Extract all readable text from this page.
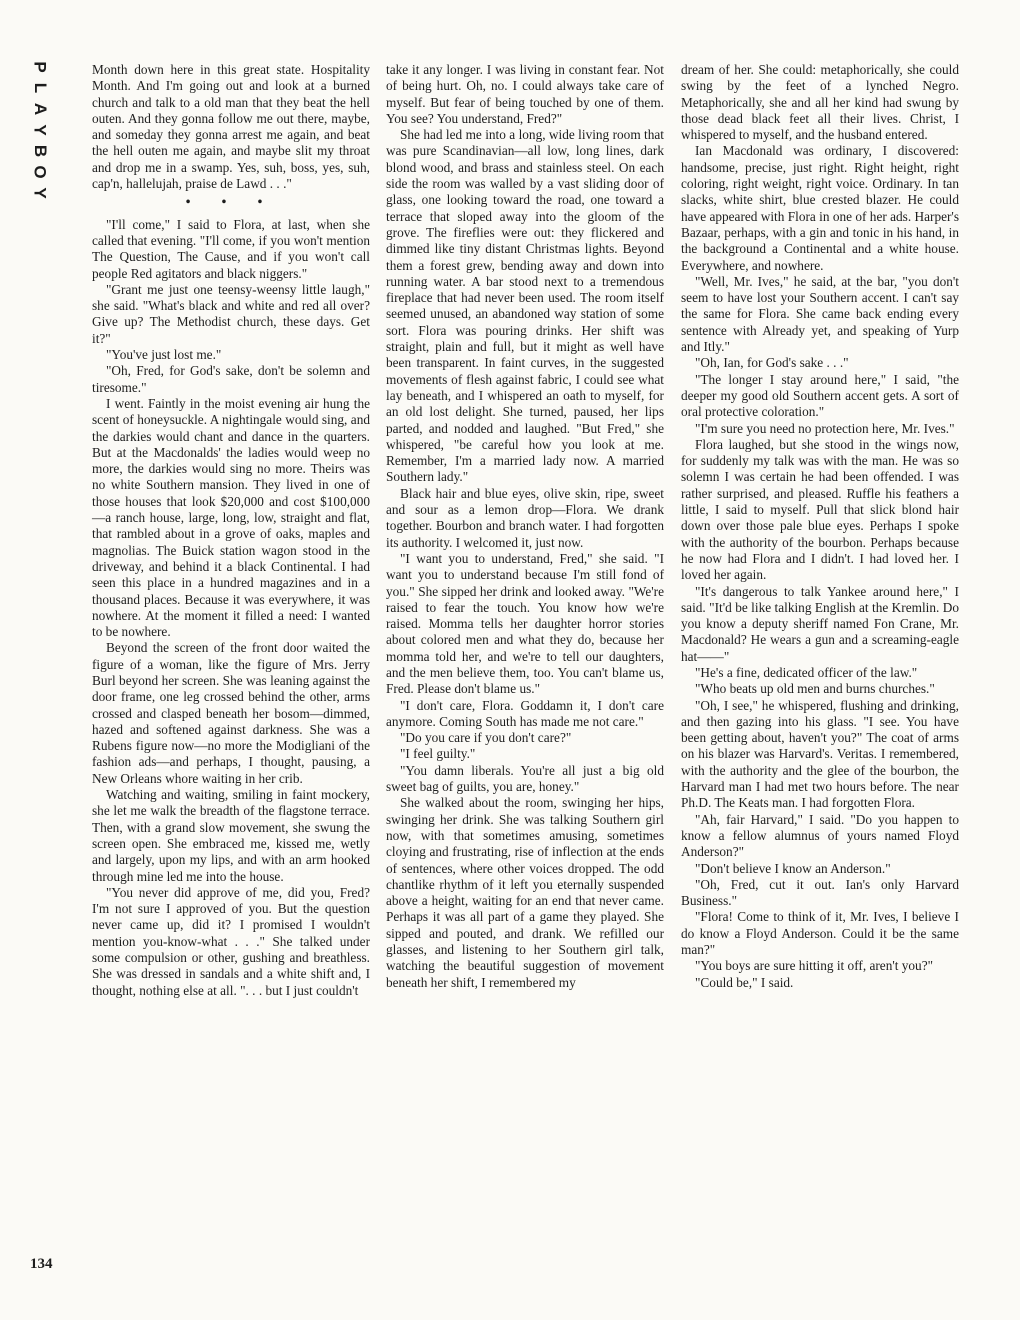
P
L
A
Y
B
O
Y
134

Month down here in this great state. Hospitality Month. And I'm going out and look at a burned church and talk to a old man that they beat the hell outen. And they gonna follow me out there, maybe, and someday they gonna arrest me again, and beat the hell outen me again, and maybe slit my throat and drop me in a swamp. Yes, suh, boss, yes, suh, cap'n, hallelujah, praise de Lawd . . ."

• • •

"I'll come," I said to Flora, at last, when she called that evening. "I'll come, if you won't mention The Question, The Cause, and if you won't call people Red agitators and black niggers."

"Grant me just one teensy-weensy little laugh," she said. "What's black and white and red all over? Give up? The Methodist church, these days. Get it?"

"You've just lost me."

"Oh, Fred, for God's sake, don't be solemn and tiresome."

I went. Faintly in the moist evening air hung the scent of honeysuckle. A nightingale would sing, and the darkies would chant and dance in the quarters. But at the Macdonalds' the ladies would weep no more, the darkies would sing no more. Theirs was no white Southern mansion. They lived in one of those houses that look $20,000 and cost $100,000—a ranch house, large, long, low, straight and flat, that rambled about in a grove of oaks, maples and magnolias. The Buick station wagon stood in the driveway, and behind it a black Continental. I had seen this place in a hundred magazines and in a thousand places. Because it was everywhere, it was nowhere. At the moment it filled a need: I wanted to be nowhere.

Beyond the screen of the front door waited the figure of a woman, like the figure of Mrs. Jerry Burl beyond her screen. She was leaning against the door frame, one leg crossed behind the other, arms crossed and clasped beneath her bosom—dimmed, hazed and softened against darkness. She was a Rubens figure now—no more the Modigliani of the fashion ads—and perhaps, I thought, pausing, a New Orleans whore waiting in her crib.

Watching and waiting, smiling in faint mockery, she let me walk the breadth of the flagstone terrace. Then, with a grand slow movement, she swung the screen open. She embraced me, kissed me, wetly and largely, upon my lips, and with an arm hooked through mine led me into the house.

"You never did approve of me, did you, Fred? I'm not sure I approved of you. But the question never came up, did it? I promised I wouldn't mention you-know-what . . ." She talked under some compulsion or other, gushing and breathless. She was dressed in sandals and a white shift and, I thought, nothing else at all. ". . . but I just couldn't

take it any longer. I was living in constant fear. Not of being hurt. Oh, no. I could always take care of myself. But fear of being touched by one of them. You see? You understand, Fred?"

She had led me into a long, wide living room that was pure Scandinavian—all low, long lines, dark blond wood, and brass and stainless steel. On each side the room was walled by a vast sliding door of glass, one looking toward the road, one toward a terrace that sloped away into the gloom of the grove. The fireflies were out: they flickered and dimmed like tiny distant Christmas lights. Beyond them a forest grew, bending away and down into running water. A bar stood next to a tremendous fireplace that had never been used. The room itself seemed unused, an abandoned way station of some sort. Flora was pouring drinks. Her shift was straight, plain and full, but it might as well have been transparent. In faint curves, in the suggested movements of flesh against fabric, I could see what lay beneath, and I whispered an oath to myself, for an old lost delight. She turned, paused, her lips parted, and nodded and laughed. "But Fred," she whispered, "be careful how you look at me. Remember, I'm a married lady now. A married Southern lady."

Black hair and blue eyes, olive skin, ripe, sweet and sour as a lemon drop—Flora. We drank together. Bourbon and branch water. I had forgotten its authority. I welcomed it, just now.

"I want you to understand, Fred," she said. "I want you to understand because I'm still fond of you." She sipped her drink and looked away. "We're raised to fear the touch. You know how we're raised. Momma tells her daughter horror stories about colored men and what they do, because her momma told her, and we're to tell our daughters, and the men believe them, too. You can't blame us, Fred. Please don't blame us."

"I don't care, Flora. Goddamn it, I don't care anymore. Coming South has made me not care."

"Do you care if you don't care?"

"I feel guilty."

"You damn liberals. You're all just a big old sweet bag of guilts, you are, honey."

She walked about the room, swinging her hips, swinging her drink. She was talking Southern girl now, with that sometimes amusing, sometimes cloying and frustrating, rise of inflection at the ends of sentences, where other voices dropped. The odd chantlike rhythm of it left you eternally suspended above a height, waiting for an end that never came. Perhaps it was all part of a game they played. She sipped and pouted, and drank. We refilled our glasses, and listening to her Southern girl talk, watching the beautiful suggestion of movement beneath her shift, I remembered my

dream of her. She could: metaphorically, she could swing by the feet of a lynched Negro. Metaphorically, she and all her kind had swung by those dead black feet all their lives. Christ, I whispered to myself, and the husband entered.

Ian Macdonald was ordinary, I discovered: handsome, precise, just right. Right height, right coloring, right weight, right voice. Ordinary. In tan slacks, white shirt, blue crested blazer. He could have appeared with Flora in one of her ads. Harper's Bazaar, perhaps, with a gin and tonic in his hand, in the background a Continental and a white house. Everywhere, and nowhere.

"Well, Mr. Ives," he said, at the bar, "you don't seem to have lost your Southern accent. I can't say the same for Flora. She came back ending every sentence with Already yet, and speaking of Yurp and Itly."

"Oh, Ian, for God's sake . . ."

"The longer I stay around here," I said, "the deeper my good old Southern accent gets. A sort of oral protective coloration."

"I'm sure you need no protection here, Mr. Ives."

Flora laughed, but she stood in the wings now, for suddenly my talk was with the man. He was so solemn I was certain he had been offended. I was rather surprised, and pleased. Ruffle his feathers a little, I said to myself. Pull that slick blond hair down over those pale blue eyes. Perhaps I spoke with the authority of the bourbon. Perhaps because he now had Flora and I didn't. I had loved her. I loved her again.

"It's dangerous to talk Yankee around here," I said. "It'd be like talking English at the Kremlin. Do you know a deputy sheriff named Fon Crane, Mr. Macdonald? He wears a gun and a screaming-eagle hat——"

"He's a fine, dedicated officer of the law."

"Who beats up old men and burns churches."

"Oh, I see," he whispered, flushing and drinking, and then gazing into his glass. "I see. You have been getting about, haven't you?" The coat of arms on his blazer was Harvard's. Veritas. I remembered, with the authority and the glee of the bourbon, the Harvard man I had met two hours before. The near Ph.D. The Keats man. I had forgotten Flora.

"Ah, fair Harvard," I said. "Do you happen to know a fellow alumnus of yours named Floyd Anderson?"

"Don't believe I know an Anderson."

"Oh, Fred, cut it out. Ian's only Harvard Business."

"Flora! Come to think of it, Mr. Ives, I believe I do know a Floyd Anderson. Could it be the same man?"

"You boys are sure hitting it off, aren't you?"

"Could be," I said.
